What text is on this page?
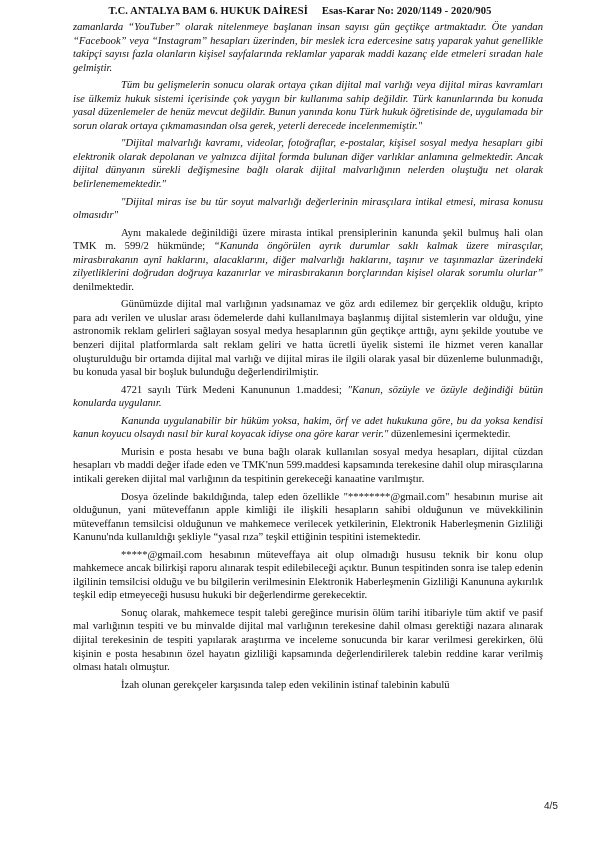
T.C. ANTALYA BAM 6. HUKUK DAİRESİ Esas-Karar No: 2020/1149 - 2020/905

zamanlarda “YouTuber” olarak nitelenmeye başlanan insan sayısı gün geçtikçe artmaktadır. Öte yandan “Facebook” veya “Instagram” hesapları üzerinden, bir meslek icra edercesine satış yaparak yahut genellikle takipçi sayısı fazla olanların kişisel sayfalarında reklamlar yaparak maddi kazanç elde etmeleri sıradan hale gelmiştir.

Tüm bu gelişmelerin sonucu olarak ortaya çıkan dijital mal varlığı veya dijital miras kavramları ise ülkemiz hukuk sistemi içerisinde çok yaygın bir kullanıma sahip değildir. Türk kanunlarında bu konuda yasal düzenlemeler de henüz mevcut değildir. Bunun yanında konu Türk hukuk öğretisinde de, uygulamada bir sorun olarak ortaya çıkmamasından olsa gerek, yeterli derecede incelenmemiştir."

"Dijital malvarlığı kavramı, videolar, fotoğraflar, e-postalar, kişisel sosyal medya hesapları gibi elektronik olarak depolanan ve yalnızca dijital formda bulunan diğer varlıklar anlamına gelmektedir. Ancak dijital dünyanın sürekli değişmesine bağlı olarak dijital malvarlığının nelerden oluştuğu net olarak belirlenememektedir."

"Dijital miras ise bu tür soyut malvarlığı değerlerinin mirasçılara intikal etmesi, mirasa konusu olmasıdır"

Aynı makalede değinildiği üzere mirasta intikal prensiplerinin kanunda şekil bulmuş hali olan TMK m. 599/2 hükmünde; “Kanunda öngörülen ayrık durumlar saklı kalmak üzere mirasçılar, mirasbırakanın aynî haklarını, alacaklarını, diğer malvarlığı haklarını, taşınır ve taşınmazlar üzerindeki zilyetliklerini doğrudan doğruya kazanırlar ve mirasbırakanın borçlarından kişisel olarak sorumlu olurlar” denilmektedir.

Günümüzde dijital mal varlığının yadsınamaz ve göz ardı edilemez bir gerçeklik olduğu, kripto para adı verilen ve uluslar arası ödemelerde dahi kullanılmaya başlanmış dijital sistemlerin var olduğu, yine astronomik reklam gelirleri sağlayan sosyal medya hesaplarının gün geçtikçe arttığı, aynı şekilde youtube ve benzeri dijital platformlarda salt reklam geliri ve hatta ücretli üyelik sistemi ile hizmet veren kanallar oluşturulduğu bir ortamda dijital mal varlığı ve dijital miras ile ilgili olarak yasal bir düzenleme bulunmadığı, bu konuda yasal bir boşluk bulunduğu değerlendirilmiştir.

4721 sayılı Türk Medeni Kanununun 1.maddesi; "Kanun, sözüyle ve özüyle değindiği bütün konularda uygulanır.

Kanunda uygulanabilir bir hüküm yoksa, hakim, örf ve adet hukukuna göre, bu da yoksa kendisi kanun koyucu olsaydı nasıl bir kural koyacak idiyse ona göre karar verir." düzenlemesini içermektedir.

Murisin e posta hesabı ve buna bağlı olarak kullanılan sosyal medya hesapları, dijital cüzdan hesapları vb maddi değer ifade eden ve TMK'nun 599.maddesi kapsamında terekesine dahil olup mirasçılarına intikali gereken dijital mal varlığının da tespitinin gerekeceği kanaatine varılmıştır.

Dosya özelinde bakıldığında, talep eden özellikle "********@gmail.com" hesabının murise ait olduğunun, yani müteveffanın apple kimliği ile ilişkili hesapların sahibi olduğunun ve müvekkilinin müteveffanın temsilcisi olduğunun ve mahkemece verilecek yetkilerinin, Elektronik Haberleşmenin Gizliliği Kanunu'nda kullanıldığı şekliyle “yasal rıza” teşkil ettiğinin tespitini istemektedir.

*****@gmail.com hesabının müteveffaya ait olup olmadığı hususu teknik bir konu olup mahkemece ancak bilirkişi raporu alınarak tespit edilebileceği açıktır. Bunun tespitinden sonra ise talep edenin ilgilinin temsilcisi olduğu ve bu bilgilerin verilmesinin Elektronik Haberleşmenin Gizliliği Kanununa aykırılık teşkil edip etmeyeceği hususu hukuki bir değerlendirme gerekecektir.

Sonuç olarak, mahkemece tespit talebi gereğince murisin ölüm tarihi itibariyle tüm aktif ve pasif mal varlığının tespiti ve bu minvalde dijital mal varlığının terekesine dahil olması gerektiği nazara alınarak dijital terekesinin de tespiti yapılarak araştırma ve inceleme sonucunda bir karar verilmesi gerekirken, ölü kişinin e posta hesabının özel hayatın gizliliği kapsamında değerlendirilerek talebin reddine karar verilmiş olması hatalı olmuştur.

İzah olunan gerekçeler karşısında talep eden vekilinin istinaf talebinin kabulü

4/5
